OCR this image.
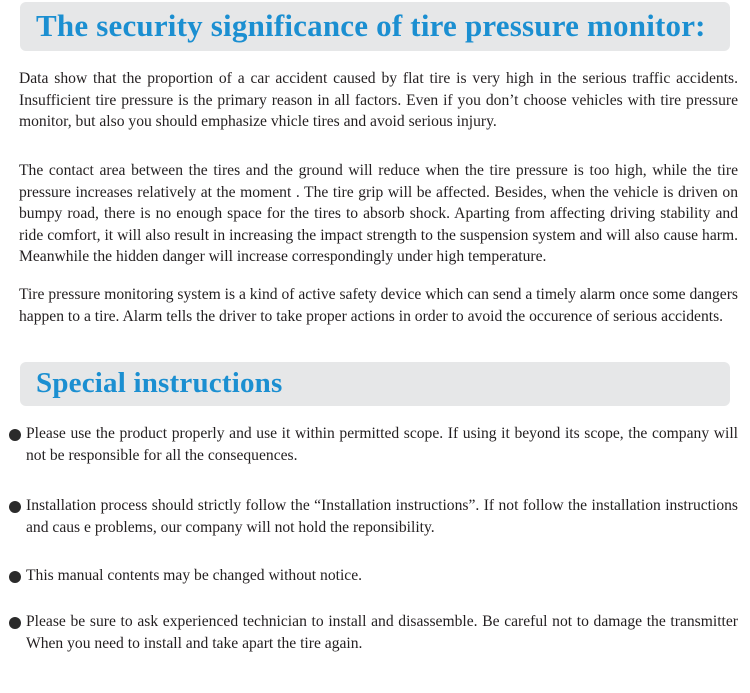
The security significance of tire pressure monitor:

Data show that the proportion of a car accident caused by flat tire is very high in the serious traffic accidents. Insufficient tire pressure is the primary reason in all factors. Even if you don’t choose vehicles with tire pressure monitor, but also you should emphasize vhicle tires and avoid serious injury.

The contact area between the tires and the ground will reduce when the tire pressure is too high, while the tire pressure increases relatively at the moment . The tire grip will be affected. Besides, when the vehicle is driven on bumpy road, there is no enough space for the tires to absorb shock. Aparting from affecting driving stability and ride comfort, it will also result in increasing the impact strength to the suspension system and will also cause harm. Meanwhile the hidden danger will increase correspondingly under high temperature.

Tire pressure monitoring system is a kind of active safety device which can send a timely alarm once some dangers happen to a tire. Alarm tells the driver to take proper actions in order to avoid the occurence of serious accidents.

Special instructions

Please use the product properly and use it within permitted scope. If using it beyond its scope, the company will not be responsible for all the consequences.

Installation process should strictly follow the “Installation instructions”. If not follow the installation instructions and caus e problems, our company will not hold the reponsibility.

This manual contents may be changed without notice.

Please be sure to ask experienced technician to install and disassemble. Be careful not to damage the transmitter When you need to install and take apart the tire again.
